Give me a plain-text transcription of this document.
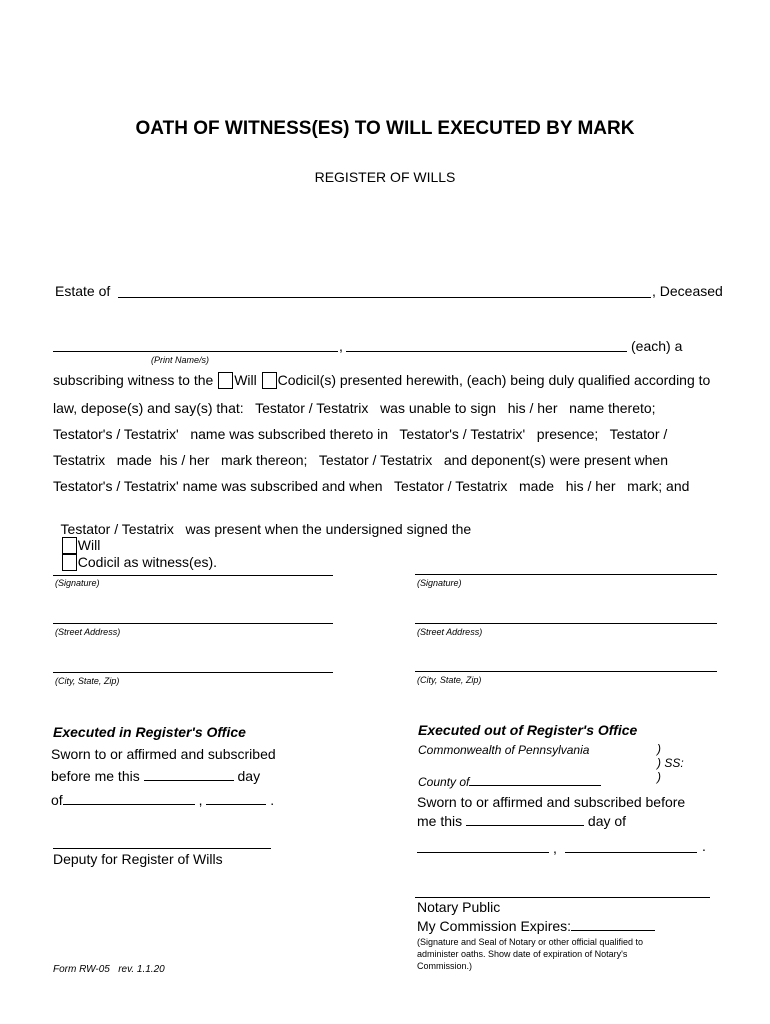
OATH OF WITNESS(ES) TO WILL EXECUTED BY MARK
REGISTER OF WILLS
Estate of	, Deceased
,	(each) a
(Print Name/s)
subscribing witness to the Will Codicil(s) presented herewith, (each) being duly qualified according to
law, depose(s) and say(s) that:   Testator / Testatrix   was unable to sign   his / her   name thereto;
Testator's / Testatrix'   name was subscribed thereto in   Testator's / Testatrix'   presence;   Testator /
Testatrix   made  his / her   mark thereon;   Testator / Testatrix   and deponent(s) were present when
Testator's / Testatrix' name was subscribed and when   Testator / Testatrix   made   his / her   mark; and

Testator / Testatrix   was present when the undersigned signed the
Will
Codicil as witness(es).

(Signature)
(Street Address)
(City, State, Zip)
(Signature)
(Street Address)
(City, State, Zip)
Executed in Register's Office
Sworn to or affirmed and subscribed
before me this	day
of	,	.
Deputy for Register of Wills
Executed out of Register's Office
Commonwealth of Pennsylvania	)
) SS:
County of	)
Sworn to or affirmed and subscribed before
me this	day of
,	.
Notary Public
My Commission Expires:
(Signature and Seal of Notary or other official qualified to
administer oaths. Show date of expiration of Notary's
Commission.)
Form RW-05   rev. 1.1.20
